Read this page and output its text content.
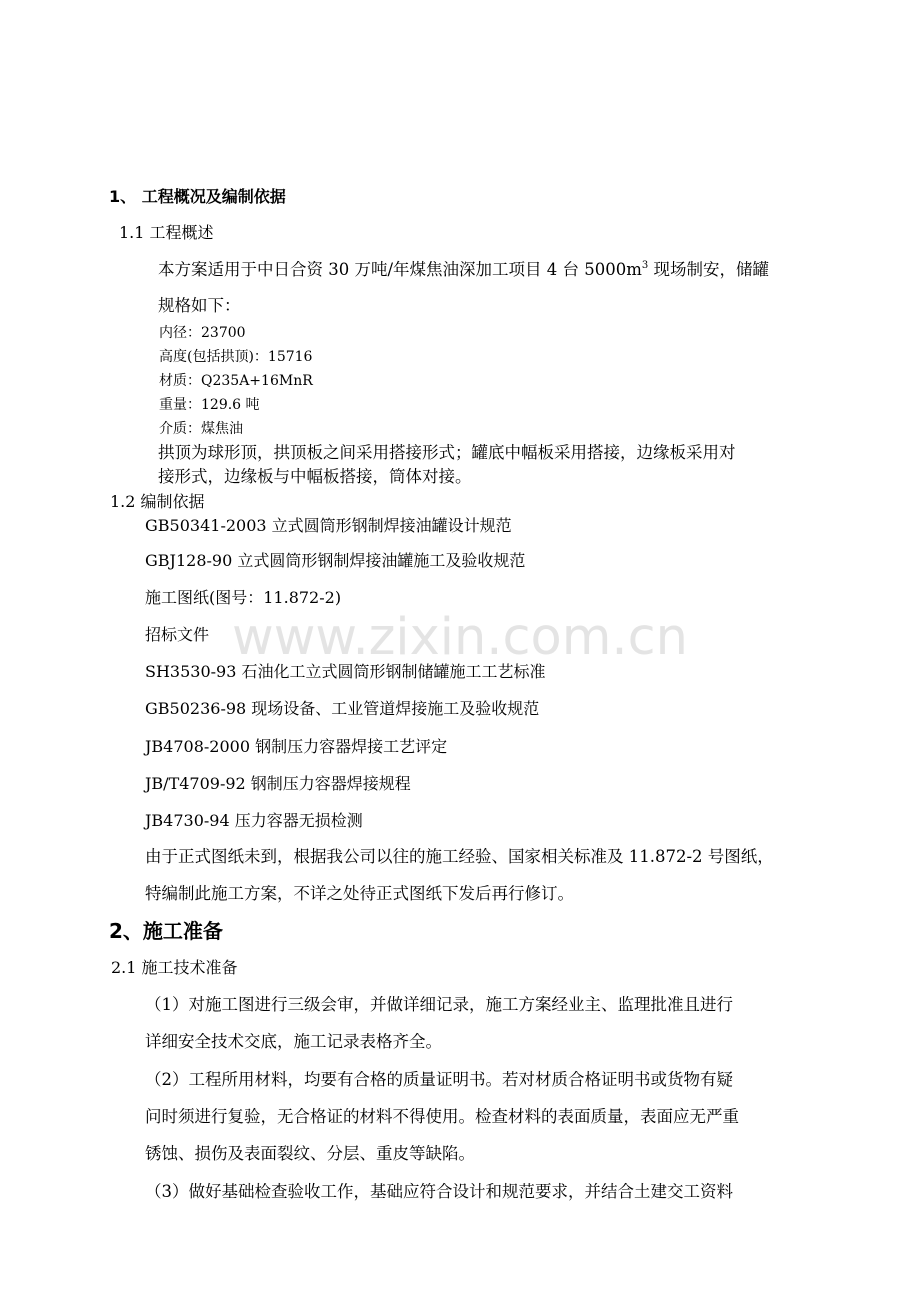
www.zixin.com.cn
1、 工程概况及编制依据
1.1 工程概述
本方案适用于中日合资 30 万吨/年煤焦油深加工项目 4 台 $5000m^3$ 现场制安，储罐
规格如下：
内径：23700
高度(包括拱顶)：15716
材质：Q235A+16MnR
重量：129.6 吨
介质：煤焦油
拱顶为球形顶，拱顶板之间采用搭接形式；罐底中幅板采用搭接，边缘板采用对
接形式，边缘板与中幅板搭接，筒体对接。
1.2 编制依据
GB50341-2003 立式圆筒形钢制焊接油罐设计规范
GBJ128-90 立式圆筒形钢制焊接油罐施工及验收规范
施工图纸(图号：11.872-2)
招标文件
SH3530-93 石油化工立式圆筒形钢制储罐施工工艺标准
GB50236-98 现场设备、工业管道焊接施工及验收规范
JB4708-2000 钢制压力容器焊接工艺评定
JB/T4709-92 钢制压力容器焊接规程
JB4730-94 压力容器无损检测
由于正式图纸未到，根据我公司以往的施工经验、国家相关标准及 11.872-2 号图纸，
特编制此施工方案，不详之处待正式图纸下发后再行修订。
2、施工准备
2.1 施工技术准备
（1）对施工图进行三级会审，并做详细记录，施工方案经业主、监理批准且进行
详细安全技术交底，施工记录表格齐全。
（2）工程所用材料，均要有合格的质量证明书。若对材质合格证明书或货物有疑
问时须进行复验，无合格证的材料不得使用。检查材料的表面质量，表面应无严重
锈蚀、损伤及表面裂纹、分层、重皮等缺陷。
（3）做好基础检查验收工作，基础应符合设计和规范要求，并结合土建交工资料
